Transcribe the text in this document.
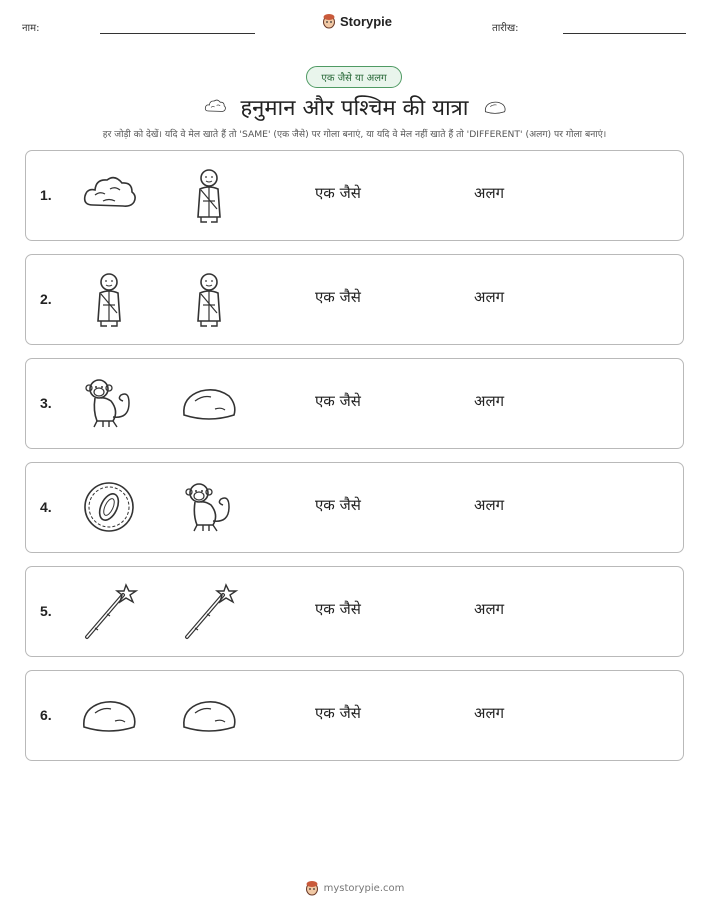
नाम:	Storypie	तारीख:
एक जैसे या अलग
हनुमान और पश्चिम की यात्रा
हर जोड़ी को देखें। यदि वे मेल खाते हैं तो 'SAME' (एक जैसे) पर गोला बनाएं, या यदि वे मेल नहीं खाते हैं तो 'DIFFERENT' (अलग) पर गोला बनाएं।
1.	एक जैसे	अलग
2.	एक जैसे	अलग
3.	एक जैसे	अलग
4.	एक जैसे	अलग
5.	एक जैसे	अलग
6.	एक जैसे	अलग
mystorypie.com
